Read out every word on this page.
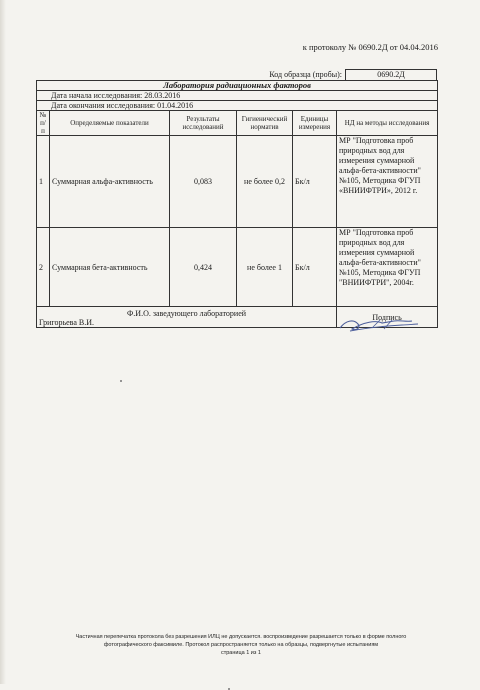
к протоколу № 0690.2Д от 04.04.2016
Код образца (пробы):	0690.2Д
Лаборатория радиационных факторов					
Дата начала исследования: 28.03.2016					
Дата окончания исследования: 01.04.2016					
№ п/п	Определяемые показатели	Результаты исследований	Гигиенический норматив	Единицы измерения	НД на методы исследования
1	Суммарная альфа-активность	0,083	не более 0,2	Бк/л	МР "Подготовка проб природных вод для измерения суммарной альфа-бета-активности" №105, Методика ФГУП «ВНИИФТРИ», 2012 г.
2	Суммарная бета-активность	0,424	не более 1	Бк/л	МР "Подготовка проб природных вод для измерения суммарной альфа-бета-активности" №105, Методика ФГУП "ВНИИФТРИ", 2004г.

Ф.И.О. заведующего лабораторией
Григорьева В.И.					Подпись
Частичная перепечатка протокола без разрешения ИЛЦ не допускается. воспроизведение разрешается только в форме полного
фотографического факсимиле. Протокол распространяется только на образцы, подвергнутые испытаниям
страница 1 из 1
